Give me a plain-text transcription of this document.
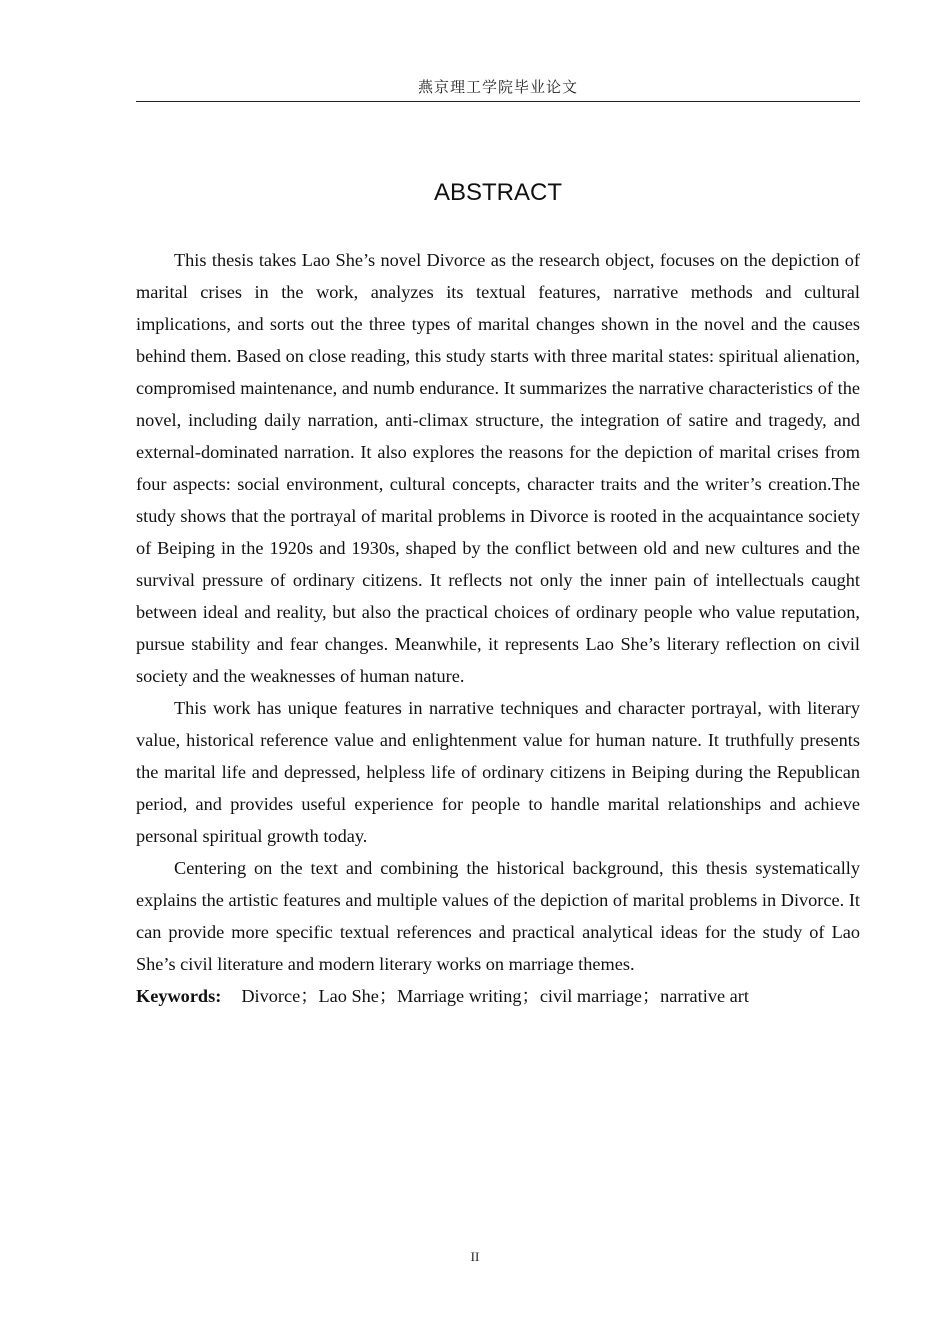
燕京理工学院毕业论文
ABSTRACT

This thesis takes Lao She’s novel Divorce as the research object, focuses on the depiction of marital crises in the work, analyzes its textual features, narrative methods and cultural implications, and sorts out the three types of marital changes shown in the novel and the causes behind them. Based on close reading, this study starts with three marital states: spiritual alienation, compromised maintenance, and numb endurance. It summarizes the narrative characteristics of the novel, including daily narration, anti-climax structure, the integration of satire and tragedy, and external-dominated narration. It also explores the reasons for the depiction of marital crises from four aspects: social environment, cultural concepts, character traits and the writer’s creation.The study shows that the portrayal of marital problems in Divorce is rooted in the acquaintance society of Beiping in the 1920s and 1930s, shaped by the conflict between old and new cultures and the survival pressure of ordinary citizens. It reflects not only the inner pain of intellectuals caught between ideal and reality, but also the practical choices of ordinary people who value reputation, pursue stability and fear changes. Meanwhile, it represents Lao She’s literary reflection on civil society and the weaknesses of human nature.

This work has unique features in narrative techniques and character portrayal, with literary value, historical reference value and enlightenment value for human nature. It truthfully presents the marital life and depressed, helpless life of ordinary citizens in Beiping during the Republican period, and provides useful experience for people to handle marital relationships and achieve personal spiritual growth today.

Centering on the text and combining the historical background, this thesis systematically explains the artistic features and multiple values of the depiction of marital problems in Divorce. It can provide more specific textual references and practical analytical ideas for the study of Lao She’s civil literature and modern literary works on marriage themes.

Keywords: Divorce；Lao She；Marriage writing；civil marriage；narrative art

II
